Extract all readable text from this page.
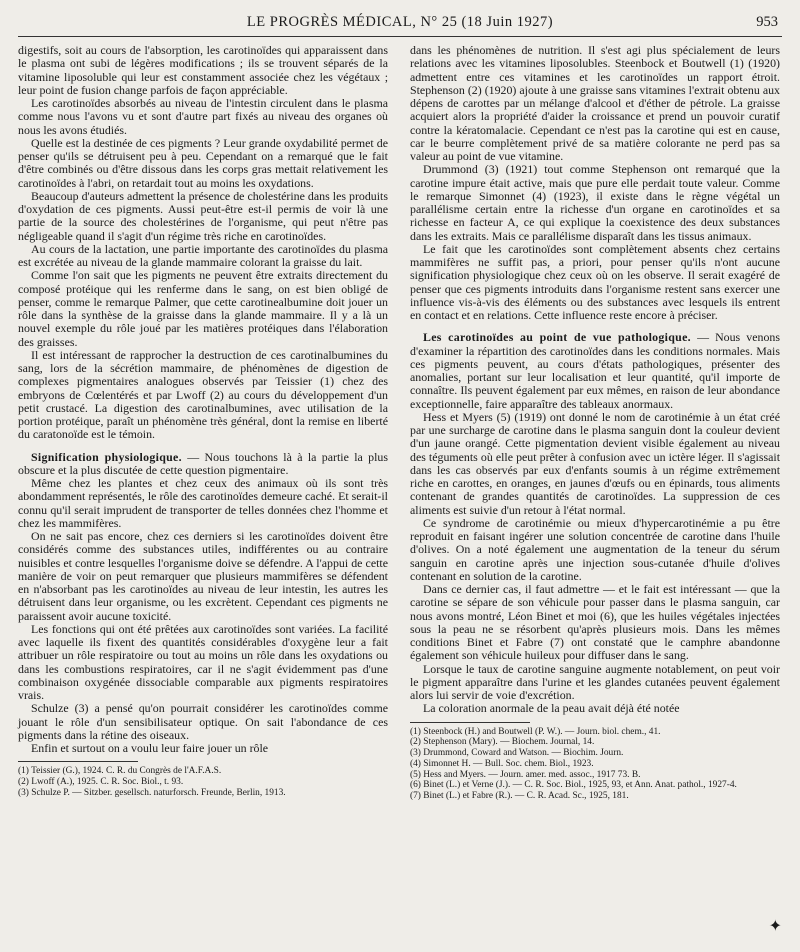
LE PROGRÈS MÉDICAL, N° 25 (18 Juin 1927)	953

digestifs, soit au cours de l'absorption, les carotinoïdes qui apparaissent dans le plasma ont subi de légères modifications ; ils se trouvent séparés de la vitamine liposoluble qui leur est constamment associée chez les végétaux ; leur point de fusion change parfois de façon appréciable.

Les carotinoïdes absorbés au niveau de l'intestin circulent dans le plasma comme nous l'avons vu et sont d'autre part fixés au niveau des organes où nous les avons étudiés.

Quelle est la destinée de ces pigments ? Leur grande oxydabilité permet de penser qu'ils se détruisent peu à peu. Cependant on a remarqué que le fait d'être combinés ou d'être dissous dans les corps gras mettait relativement les carotinoïdes à l'abri, on retardait tout au moins les oxydations.

Beaucoup d'auteurs admettent la présence de cholestérine dans les produits d'oxydation de ces pigments. Aussi peut-être est-il permis de voir là une partie de la source des cholestérines de l'organisme, qui peut n'être pas négligeable quand il s'agit d'un régime très riche en carotinoïdes.

Au cours de la lactation, une partie importante des carotinoïdes du plasma est excrétée au niveau de la glande mammaire colorant la graisse du lait.

Comme l'on sait que les pigments ne peuvent être extraits directement du composé protéique qui les renferme dans le sang, on est bien obligé de penser, comme le remarque Palmer, que cette carotinealbumine doit jouer un rôle dans la synthèse de la graisse dans la glande mammaire. Il y a là un nouvel exemple du rôle joué par les matières protéiques dans l'élaboration des graisses.

Il est intéressant de rapprocher la destruction de ces carotinalbumines du sang, lors de la sécrétion mammaire, de phénomènes de digestion de complexes pigmentaires analogues observés par Teissier (1) chez des embryons de Cœlentérés et par Lwoff (2) au cours du développement d'un petit crustacé. La digestion des carotinalbumines, avec utilisation de la portion protéique, paraît un phénomène très général, dont la remise en liberté du caratonoïde est le témoin.

Signification physiologique. — Nous touchons là à la partie la plus obscure et la plus discutée de cette question pigmentaire.

Même chez les plantes et chez ceux des animaux où ils sont très abondamment représentés, le rôle des carotinoïdes demeure caché. Et serait-il connu qu'il serait imprudent de transporter de telles données chez l'homme et chez les mammifères.

On ne sait pas encore, chez ces derniers si les carotinoïdes doivent être considérés comme des substances utiles, indifférentes ou au contraire nuisibles et contre lesquelles l'organisme doive se défendre. A l'appui de cette manière de voir on peut remarquer que plusieurs mammifères se défendent en n'absorbant pas les carotinoïdes au niveau de leur intestin, les autres les détruisent dans leur organisme, ou les excrètent. Cependant ces pigments ne paraissent avoir aucune toxicité.

Les fonctions qui ont été prêtées aux carotinoïdes sont variées. La facilité avec laquelle ils fixent des quantités considérables d'oxygène leur a fait attribuer un rôle respiratoire ou tout au moins un rôle dans les oxydations ou dans les combustions respiratoires, car il ne s'agit évidemment pas d'une combinaison oxygénée dissociable comparable aux pigments respiratoires vrais.

Schulze (3) a pensé qu'on pourrait considérer les carotinoïdes comme jouant le rôle d'un sensibilisateur optique. On sait l'abondance de ces pigments dans la rétine des oiseaux.

Enfin et surtout on a voulu leur faire jouer un rôle

(1) Teissier (G.), 1924. C. R. du Congrès de l'A.F.A.S.
(2) Lwoff (A.), 1925. C. R. Soc. Biol., t. 93.
(3) Schulze P. — Sitzber. gesellsch. naturforsch. Freunde, Berlin, 1913.

dans les phénomènes de nutrition. Il s'est agi plus spécialement de leurs relations avec les vitamines liposolubles. Steenbock et Boutwell (1) (1920) admettent entre ces vitamines et les carotinoïdes un rapport étroit. Stephenson (2) (1920) ajoute à une graisse sans vitamines l'extrait obtenu aux dépens de carottes par un mélange d'alcool et d'éther de pétrole. La graisse acquiert alors la propriété d'aider la croissance et prend un pouvoir curatif contre la kératomalacie. Cependant ce n'est pas la carotine qui est en cause, car le beurre complètement privé de sa matière colorante ne perd pas sa valeur au point de vue vitamine.

Drummond (3) (1921) tout comme Stephenson ont remarqué que la carotine impure était active, mais que pure elle perdait toute valeur. Comme le remarque Simonnet (4) (1923), il existe dans le règne végétal un parallélisme certain entre la richesse d'un organe en carotinoïdes et sa richesse en facteur A, ce qui explique la coexistence des deux substances dans les extraits. Mais ce parallélisme disparaît dans les tissus animaux.

Le fait que les carotinoïdes sont complètement absents chez certains mammifères ne suffit pas, a priori, pour penser qu'ils n'ont aucune signification physiologique chez ceux où on les observe. Il serait exagéré de penser que ces pigments introduits dans l'organisme restent sans exercer une influence vis-à-vis des éléments ou des substances avec lesquels ils entrent en contact et en relations. Cette influence reste encore à préciser.

Les carotinoïdes au point de vue pathologique. — Nous venons d'examiner la répartition des carotinoïdes dans les conditions normales. Mais ces pigments peuvent, au cours d'états pathologiques, présenter des anomalies, portant sur leur localisation et leur quantité, qu'il importe de connaître. Ils peuvent également par eux mêmes, en raison de leur abondance exceptionnelle, faire apparaître des tableaux anormaux.

Hess et Myers (5) (1919) ont donné le nom de carotinémie à un état créé par une surcharge de carotine dans le plasma sanguin dont la couleur devient d'un jaune orangé. Cette pigmentation devient visible également au niveau des téguments où elle peut prêter à confusion avec un ictère léger. Il s'agissait dans les cas observés par eux d'enfants soumis à un régime extrêmement riche en carottes, en oranges, en jaunes d'œufs ou en épinards, tous aliments contenant de grandes quantités de carotinoïdes. La suppression de ces aliments est suivie d'un retour à l'état normal.

Ce syndrome de carotinémie ou mieux d'hypercarotinémie a pu être reproduit en faisant ingérer une solution concentrée de carotine dans l'huile d'olives. On a noté également une augmentation de la teneur du sérum sanguin en carotine après une injection sous-cutanée d'huile d'olives contenant en solution de la carotine.

Dans ce dernier cas, il faut admettre — et le fait est intéressant — que la carotine se sépare de son véhicule pour passer dans le plasma sanguin, car nous avons montré, Léon Binet et moi (6), que les huiles végétales injectées sous la peau ne se résorbent qu'après plusieurs mois. Dans les mêmes conditions Binet et Fabre (7) ont constaté que le camphre abandonne également son véhicule huileux pour diffuser dans le sang.

Lorsque le taux de carotine sanguine augmente notablement, on peut voir le pigment apparaître dans l'urine et les glandes cutanées peuvent également alors lui servir de voie d'excrétion.

La coloration anormale de la peau avait déjà été notée

(1) Steenbock (H.) and Boutwell (P. W.). — Journ. biol. chem., 41.
(2) Stephenson (Mary). — Biochem. Journal, 14.
(3) Drummond, Coward and Watson. — Biochim. Journ.
(4) Simonnet H. — Bull. Soc. chem. Biol., 1923.
(5) Hess and Myers. — Journ. amer. med. assoc., 1917 73. B.
(6) Binet (L.) et Verne (J.). — C. R. Soc. Biol., 1925, 93, et Ann. Anat. pathol., 1927-4.
(7) Binet (L.) et Fabre (R.). — C. R. Acad. Sc., 1925, 181.
✦
